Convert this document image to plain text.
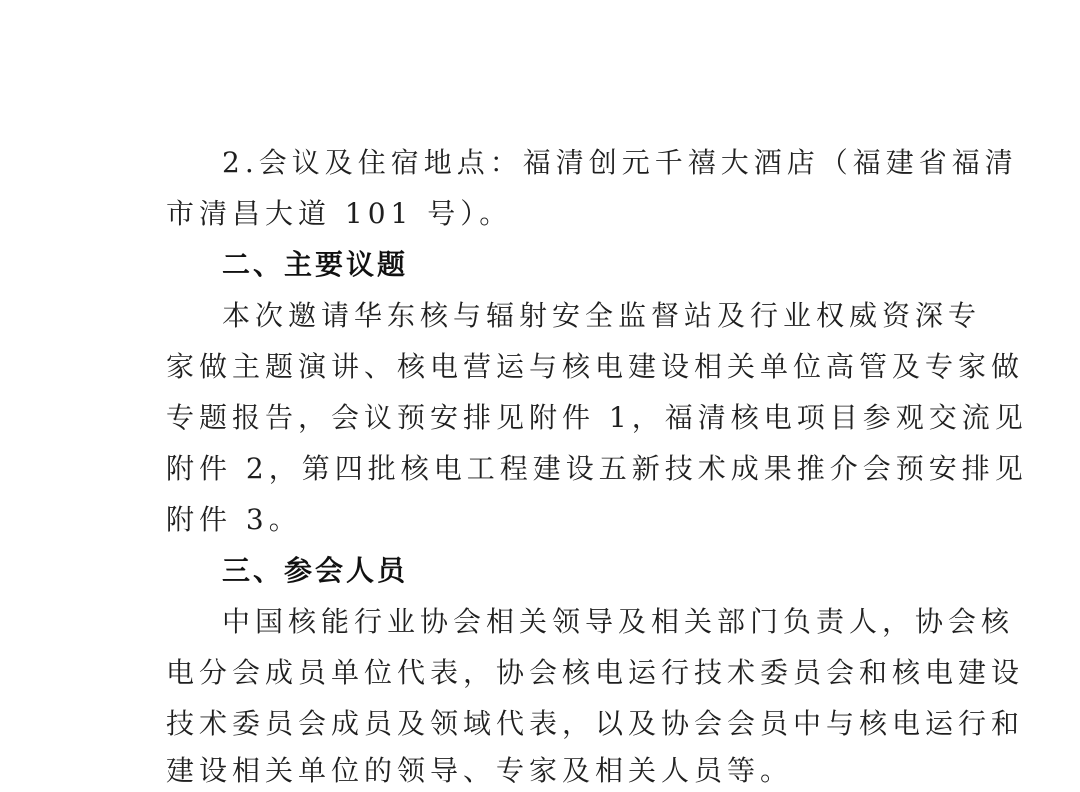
2.会议及住宿地点：福清创元千禧大酒店（福建省福清
市清昌大道 101 号）。
二、主要议题
本次邀请华东核与辐射安全监督站及行业权威资深专
家做主题演讲、核电营运与核电建设相关单位高管及专家做
专题报告，会议预安排见附件 1，福清核电项目参观交流见
附件 2，第四批核电工程建设五新技术成果推介会预安排见
附件 3。
三、参会人员
中国核能行业协会相关领导及相关部门负责人，协会核
电分会成员单位代表，协会核电运行技术委员会和核电建设
技术委员会成员及领域代表，以及协会会员中与核电运行和
建设相关单位的领导、专家及相关人员等。
